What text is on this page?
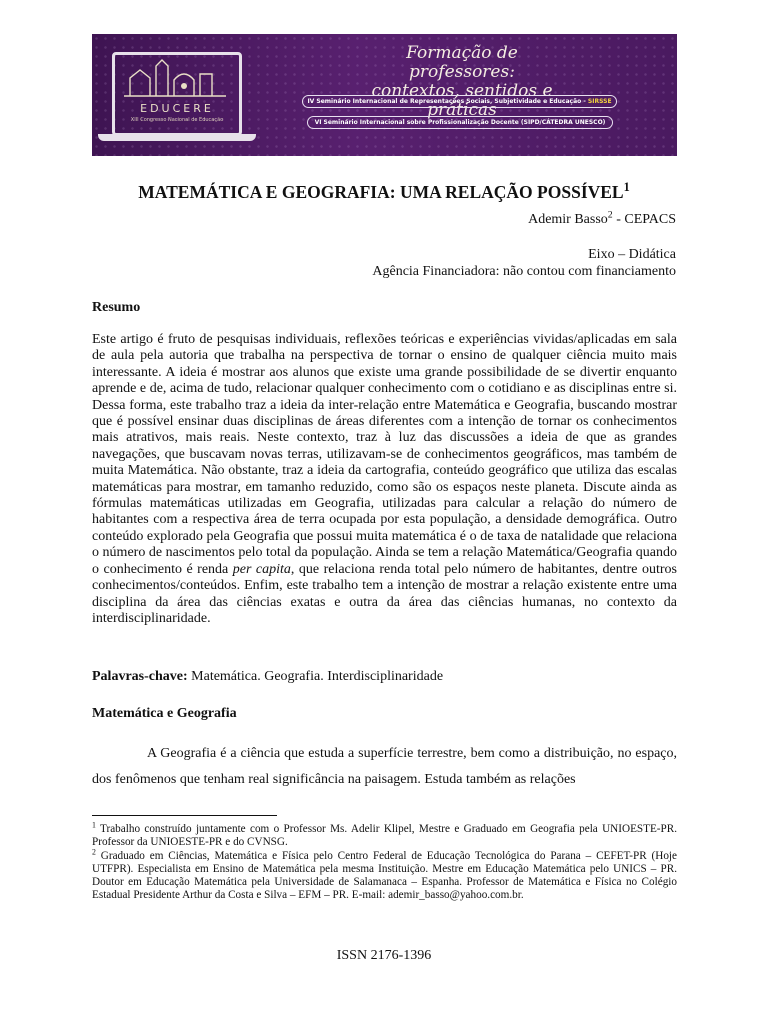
EDUCERE
XIII Congresso Nacional de Educação
Formação de professores:
contextos, sentidos e práticas
IV Seminário Internacional de Representações Sociais, Subjetividade e Educação - SIRSSE
VI Seminário Internacional sobre Profissionalização Docente (SIPD/CÁTEDRA UNESCO)
MATEMÁTICA E GEOGRAFIA: UMA RELAÇÃO POSSÍVEL$^1$
Ademir Basso$^2$ - CEPACS
Eixo – Didática
Agência Financiadora: não contou com financiamento
Resumo
Este artigo é fruto de pesquisas individuais, reflexões teóricas e experiências vividas/aplicadas em sala de aula pela autoria que trabalha na perspectiva de tornar o ensino de qualquer ciência muito mais interessante. A ideia é mostrar aos alunos que existe uma grande possibilidade de se divertir enquanto aprende e de, acima de tudo, relacionar qualquer conhecimento com o cotidiano e as disciplinas entre si. Dessa forma, este trabalho traz a ideia da inter-relação entre Matemática e Geografia, buscando mostrar que é possível ensinar duas disciplinas de áreas diferentes com a intenção de tornar os conhecimentos mais atrativos, mais reais. Neste contexto, traz à luz das discussões a ideia de que as grandes navegações, que buscavam novas terras, utilizavam-se de conhecimentos geográficos, mas também de muita Matemática. Não obstante, traz a ideia da cartografia, conteúdo geográfico que utiliza das escalas matemáticas para mostrar, em tamanho reduzido, como são os espaços neste planeta. Discute ainda as fórmulas matemáticas utilizadas em Geografia, utilizadas para calcular a relação do número de habitantes com a respectiva área de terra ocupada por esta população, a densidade demográfica. Outro conteúdo explorado pela Geografia que possui muita matemática é o de taxa de natalidade que relaciona o número de nascimentos pelo total da população. Ainda se tem a relação Matemática/Geografia quando o conhecimento é renda per capita, que relaciona renda total pelo número de habitantes, dentre outros conhecimentos/conteúdos. Enfim, este trabalho tem a intenção de mostrar a relação existente entre uma disciplina da área das ciências exatas e outra da área das ciências humanas, no contexto da interdisciplinaridade.
Palavras-chave: Matemática. Geografia. Interdisciplinaridade
Matemática e Geografia
A Geografia é a ciência que estuda a superfície terrestre, bem como a distribuição, no espaço, dos fenômenos que tenham real significância na paisagem. Estuda também as relações
$^1$ Trabalho construído juntamente com o Professor Ms. Adelir Klipel, Mestre e Graduado em Geografia pela UNIOESTE-PR. Professor da UNIOESTE-PR e do CVNSG.
$^2$ Graduado em Ciências, Matemática e Física pelo Centro Federal de Educação Tecnológica do Parana – CEFET-PR (Hoje UTFPR). Especialista em Ensino de Matemática pela mesma Instituição. Mestre em Educação Matemática pelo UNICS – PR. Doutor em Educação Matemática pela Universidade de Salamanaca – Espanha. Professor de Matemática e Física no Colégio Estadual Presidente Arthur da Costa e Silva – EFM – PR. E-mail: ademir_basso@yahoo.com.br.
ISSN 2176-1396
